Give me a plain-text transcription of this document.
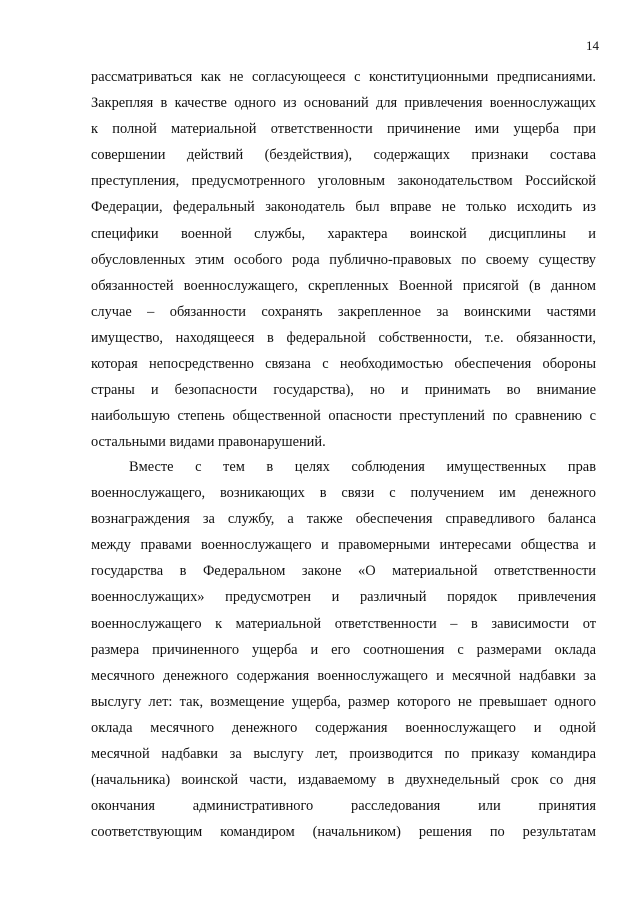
14
рассматриваться как не согласующееся с конституционными предписаниями.
Закрепляя в качестве одного из оснований для привлечения военнослужащих
к полной материальной ответственности причинение ими ущерба при
совершении действий (бездействия), содержащих признаки состава
преступления, предусмотренного уголовным законодательством Российской
Федерации, федеральный законодатель был вправе не только исходить из
специфики военной службы, характера воинской дисциплины и
обусловленных этим особого рода публично-правовых по своему существу
обязанностей военнослужащего, скрепленных Военной присягой (в данном
случае – обязанности сохранять закрепленное за воинскими частями
имущество, находящееся в федеральной собственности, т.е. обязанности,
которая непосредственно связана с необходимостью обеспечения обороны
страны и безопасности государства), но и принимать во внимание
наибольшую степень общественной опасности преступлений по сравнению с
остальными видами правонарушений.
Вместе с тем в целях соблюдения имущественных прав
военнослужащего, возникающих в связи с получением им денежного
вознаграждения за службу, а также обеспечения справедливого баланса
между правами военнослужащего и правомерными интересами общества и
государства в Федеральном законе «О материальной ответственности
военнослужащих» предусмотрен и различный порядок привлечения
военнослужащего к материальной ответственности – в зависимости от
размера причиненного ущерба и его соотношения с размерами оклада
месячного денежного содержания военнослужащего и месячной надбавки за
выслугу лет: так, возмещение ущерба, размер которого не превышает одного
оклада месячного денежного содержания военнослужащего и одной
месячной надбавки за выслугу лет, производится по приказу командира
(начальника) воинской части, издаваемому в двухнедельный срок со дня
окончания административного расследования или принятия
соответствующим командиром (начальником) решения по результатам
